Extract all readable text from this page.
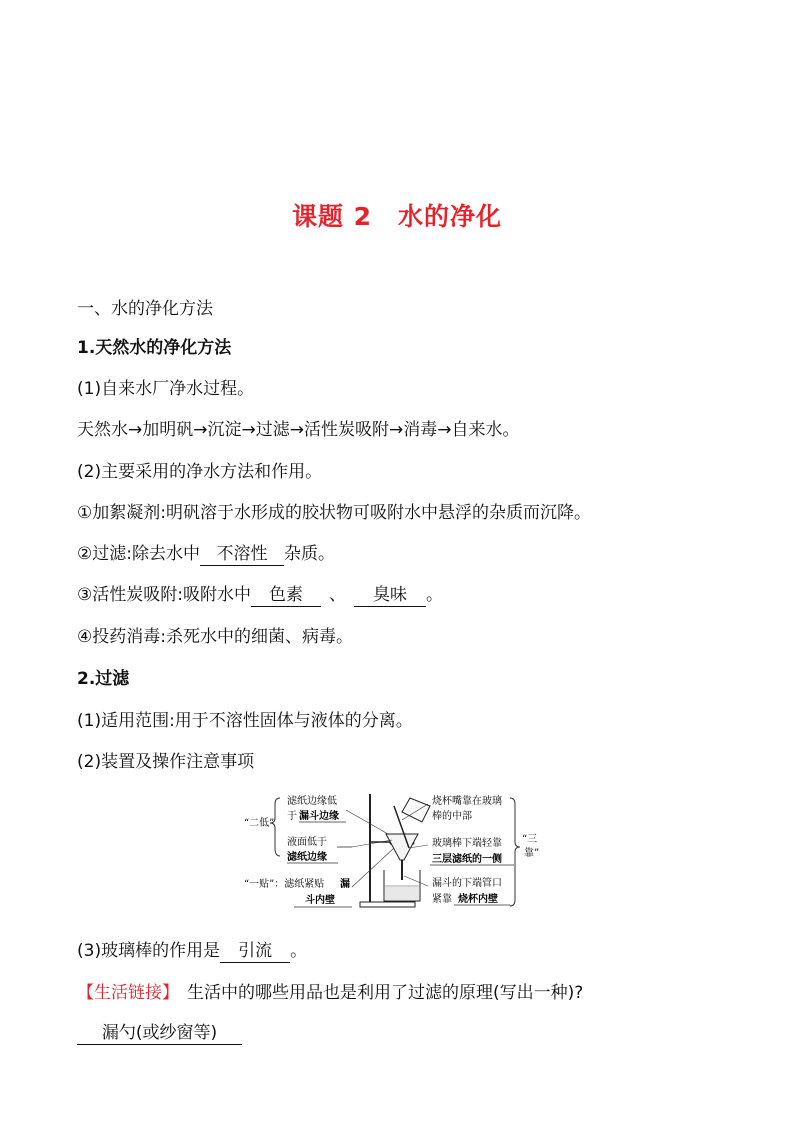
课题 2　水的净化
一、水的净化方法
1.天然水的净化方法
(1)自来水厂净水过程。
天然水→加明矾→沉淀→过滤→活性炭吸附→消毒→自来水。
(2)主要采用的净水方法和作用。
①加絮凝剂:明矾溶于水形成的胶状物可吸附水中悬浮的杂质而沉降。
②过滤:除去水中 不溶性 杂质。
③活性炭吸附:吸附水中 色素 、 臭味 。
④投药消毒:杀死水中的细菌、病毒。
2.过滤
(1)适用范围:用于不溶性固体与液体的分离。
(2)装置及操作注意事项
滤纸边缘低
于 漏斗边缘
“二低”
液面低于
滤纸边缘
“一贴”：滤纸紧贴 漏
斗内壁
烧杯嘴靠在玻璃
棒的中部
玻璃棒下端轻靠
三层滤纸的一侧
漏斗的下端管口
紧靠 烧杯内壁
“三
靠”
(3)玻璃棒的作用是 引流 。
【生活链接】 生活中的哪些用品也是利用了过滤的原理(写出一种)?
漏勺(或纱窗等)
